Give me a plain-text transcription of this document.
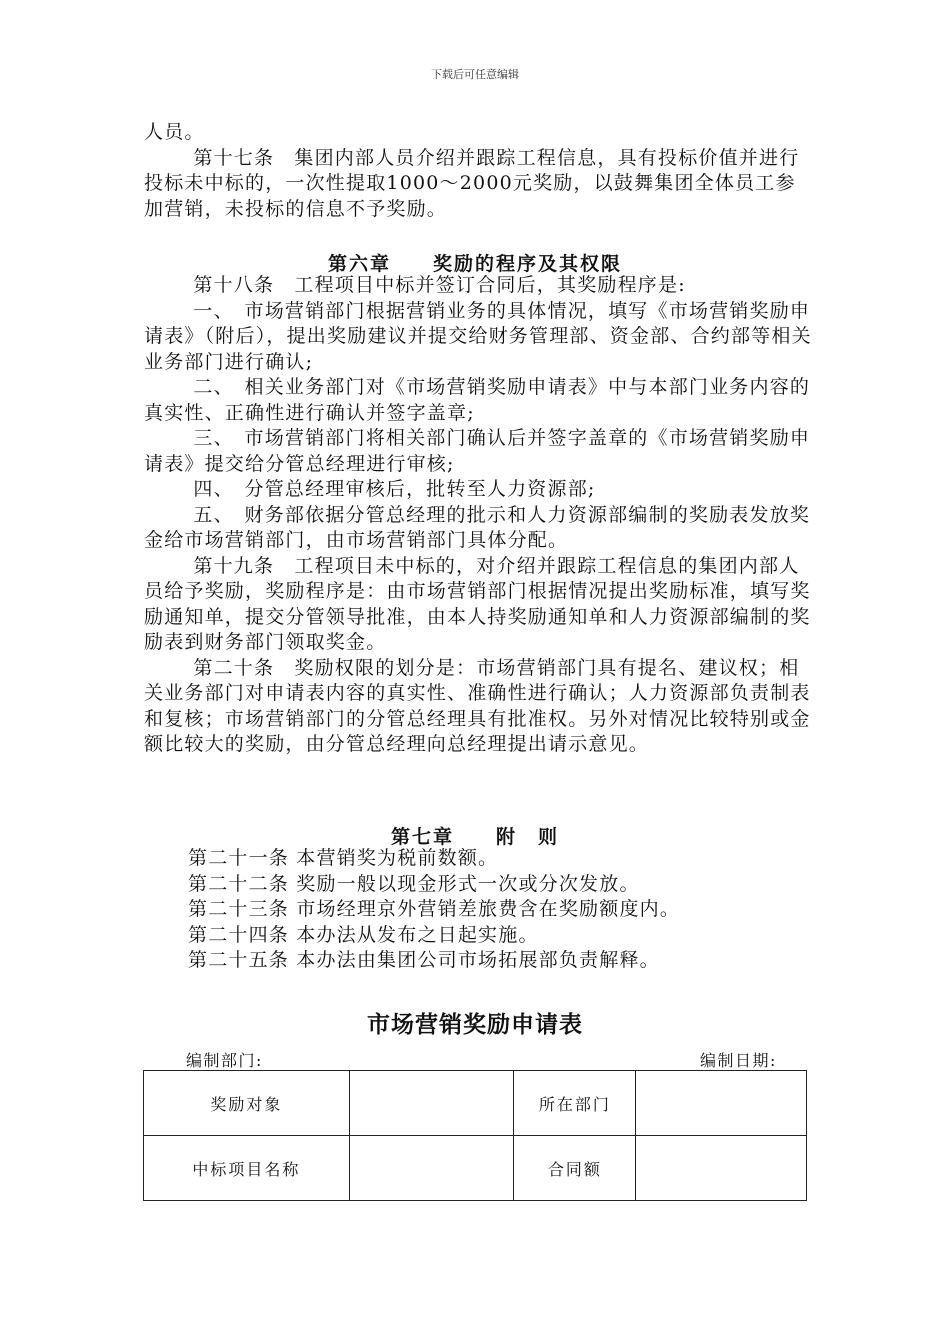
下载后可任意编辑

人员。

第十七条　集团内部人员介绍并跟踪工程信息，具有投标价值并进行投标未中标的，一次性提取1000～2000元奖励，以鼓舞集团全体员工参加营销，未投标的信息不予奖励。

第六章　　奖励的程序及其权限

第十八条　工程项目中标并签订合同后，其奖励程序是:

一、　市场营销部门根据营销业务的具体情况，填写《市场营销奖励申请表》（附后），提出奖励建议并提交给财务管理部、资金部、合约部等相关业务部门进行确认;

二、　相关业务部门对《市场营销奖励申请表》中与本部门业务内容的真实性、正确性进行确认并签字盖章;

三、　市场营销部门将相关部门确认后并签字盖章的《市场营销奖励申请表》提交给分管总经理进行审核;

四、　分管总经理审核后，批转至人力资源部;

五、　财务部依据分管总经理的批示和人力资源部编制的奖励表发放奖金给市场营销部门，由市场营销部门具体分配。

第十九条　工程项目未中标的，对介绍并跟踪工程信息的集团内部人员给予奖励，奖励程序是：由市场营销部门根据情况提出奖励标准，填写奖励通知单，提交分管领导批准，由本人持奖励通知单和人力资源部编制的奖励表到财务部门领取奖金。

第二十条　奖励权限的划分是：市场营销部门具有提名、建议权；相关业务部门对申请表内容的真实性、准确性进行确认；人力资源部负责制表和复核；市场营销部门的分管总经理具有批准权。另外对情况比较特别或金额比较大的奖励，由分管总经理向总经理提出请示意见。

第七章　　附　则

第二十一条 本营销奖为税前数额。

第二十二条 奖励一般以现金形式一次或分次发放。

第二十三条 市场经理京外营销差旅费含在奖励额度内。

第二十四条 本办法从发布之日起实施。

第二十五条 本办法由集团公司市场拓展部负责解释。

市场营销奖励申请表
编制部门:	编制日期:
奖励对象		所在部门	
中标项目名称		合同额	
